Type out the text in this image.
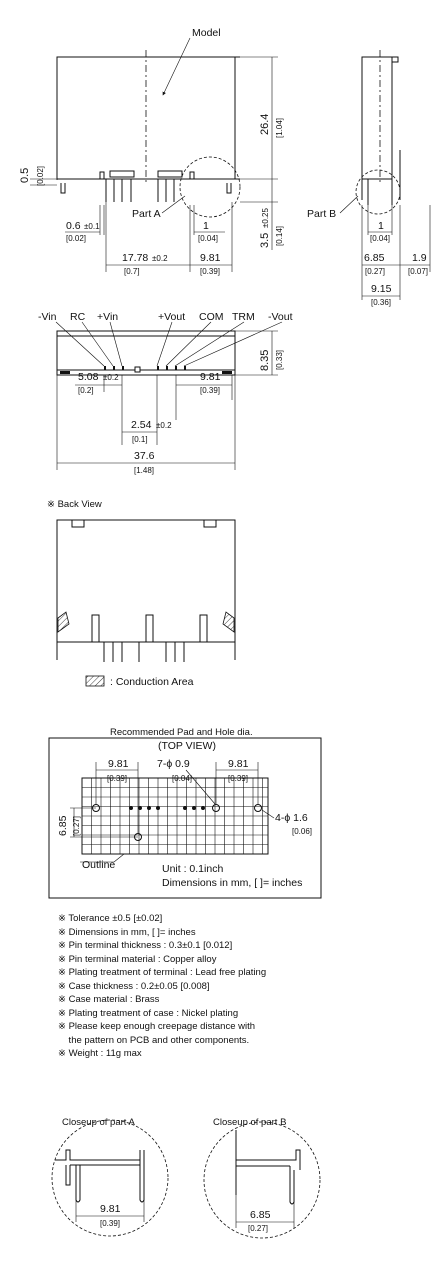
Model
Part A
26.4 [1.04]
3.5
±0.25
[0.14]
0.5 [0.02]
0.6 ±0.1
[0.02]
1
[0.04]
17.78 ±0.2
[0.7]
9.81
[0.39]
Part B
1
[0.04]
6.85
[0.27]
1.9
[0.07]
9.15
[0.36]
-Vin RC +Vin	+Vout COM TRM -Vout
8.35 [0.33]
5.08 ±0.2
[0.2]
9.81
[0.39]
2.54 ±0.2
[0.1]
37.6
[1.48]
※ Back View
: Conduction Area
Recommended Pad and Hole dia.
(TOP VIEW)
9.81
[0.39]
9.81
[0.39]
7-ϕ 0.9
[0.04]
4-ϕ 1.6
[0.06]
6.85 [0.27]
Outline	Unit : 0.1inch
Dimensions in mm, [ ]= inches
※ Tolerance ±0.5 [±0.02]
※ Dimensions in mm, [ ]= inches
※ Pin terminal thickness : 0.3±0.1 [0.012]
※ Pin terminal material : Copper alloy
※ Plating treatment of terminal : Lead free plating
※ Case thickness : 0.2±0.05 [0.008]
※ Case material : Brass
※ Plating treatment of case : Nickel plating
※ Please keep enough creepage distance with
the pattern on PCB and other components.
※ Weight : 11g max
Closeup of part A
9.81
[0.39]
Closeup of part B
6.85
[0.27]
